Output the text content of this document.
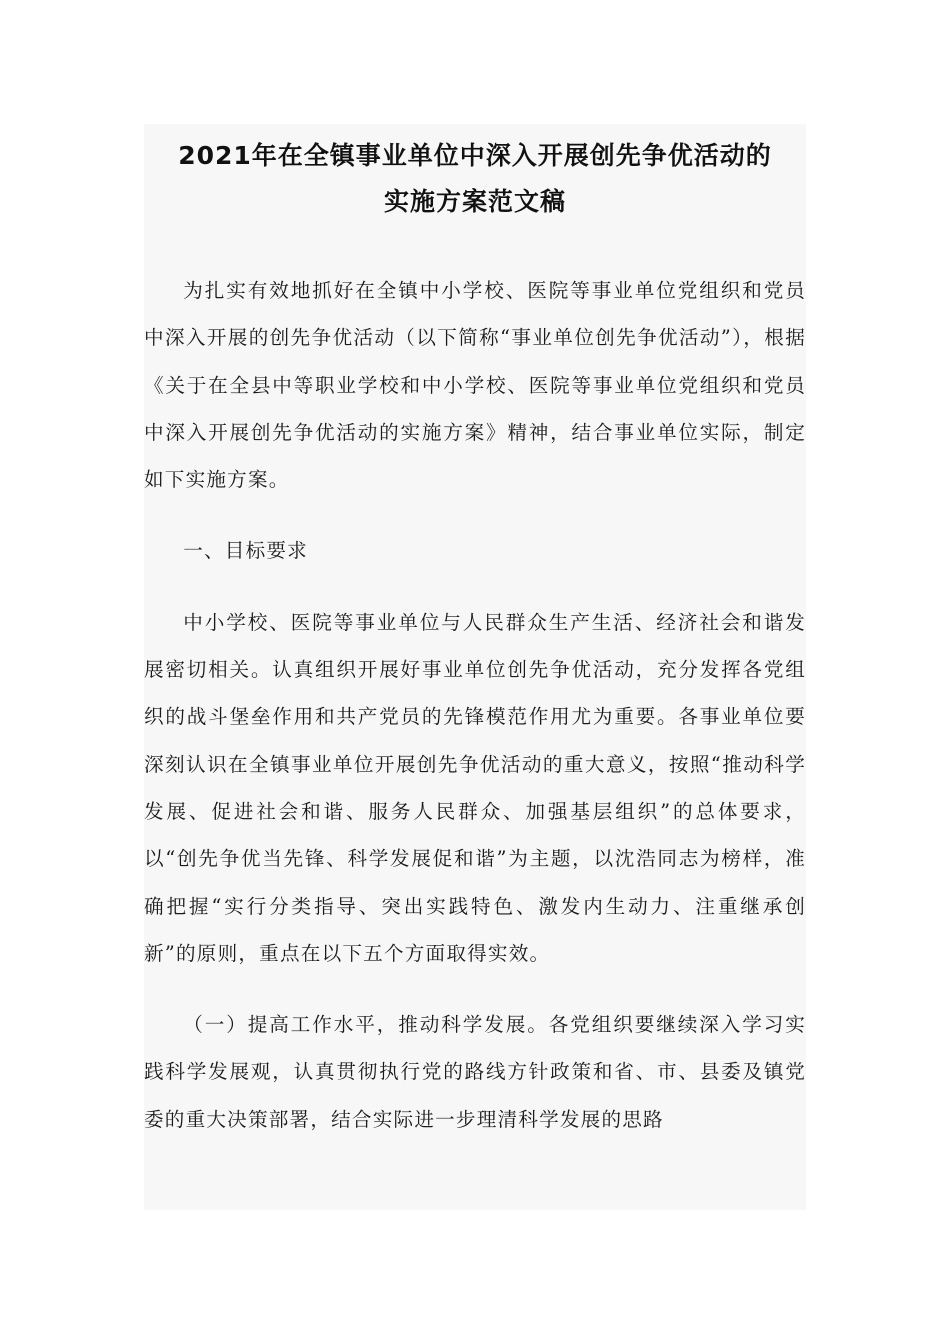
2021年在全镇事业单位中深入开展创先争优活动的
实施方案范文稿

为扎实有效地抓好在全镇中小学校、医院等事业单位党组织和党员中深入开展的创先争优活动（以下简称“事业单位创先争优活动”），根据《关于在全县中等职业学校和中小学校、医院等事业单位党组织和党员中深入开展创先争优活动的实施方案》精神，结合事业单位实际，制定如下实施方案。

一、目标要求

中小学校、医院等事业单位与人民群众生产生活、经济社会和谐发展密切相关。认真组织开展好事业单位创先争优活动，充分发挥各党组织的战斗堡垒作用和共产党员的先锋模范作用尤为重要。各事业单位要深刻认识在全镇事业单位开展创先争优活动的重大意义，按照“推动科学发展、促进社会和谐、服务人民群众、加强基层组织”的总体要求，以“创先争优当先锋、科学发展促和谐”为主题，以沈浩同志为榜样，准确把握“实行分类指导、突出实践特色、激发内生动力、注重继承创新”的原则，重点在以下五个方面取得实效。

（一）提高工作水平，推动科学发展。各党组织要继续深入学习实践科学发展观，认真贯彻执行党的路线方针政策和省、市、县委及镇党委的重大决策部署，结合实际进一步理清科学发展的思路
